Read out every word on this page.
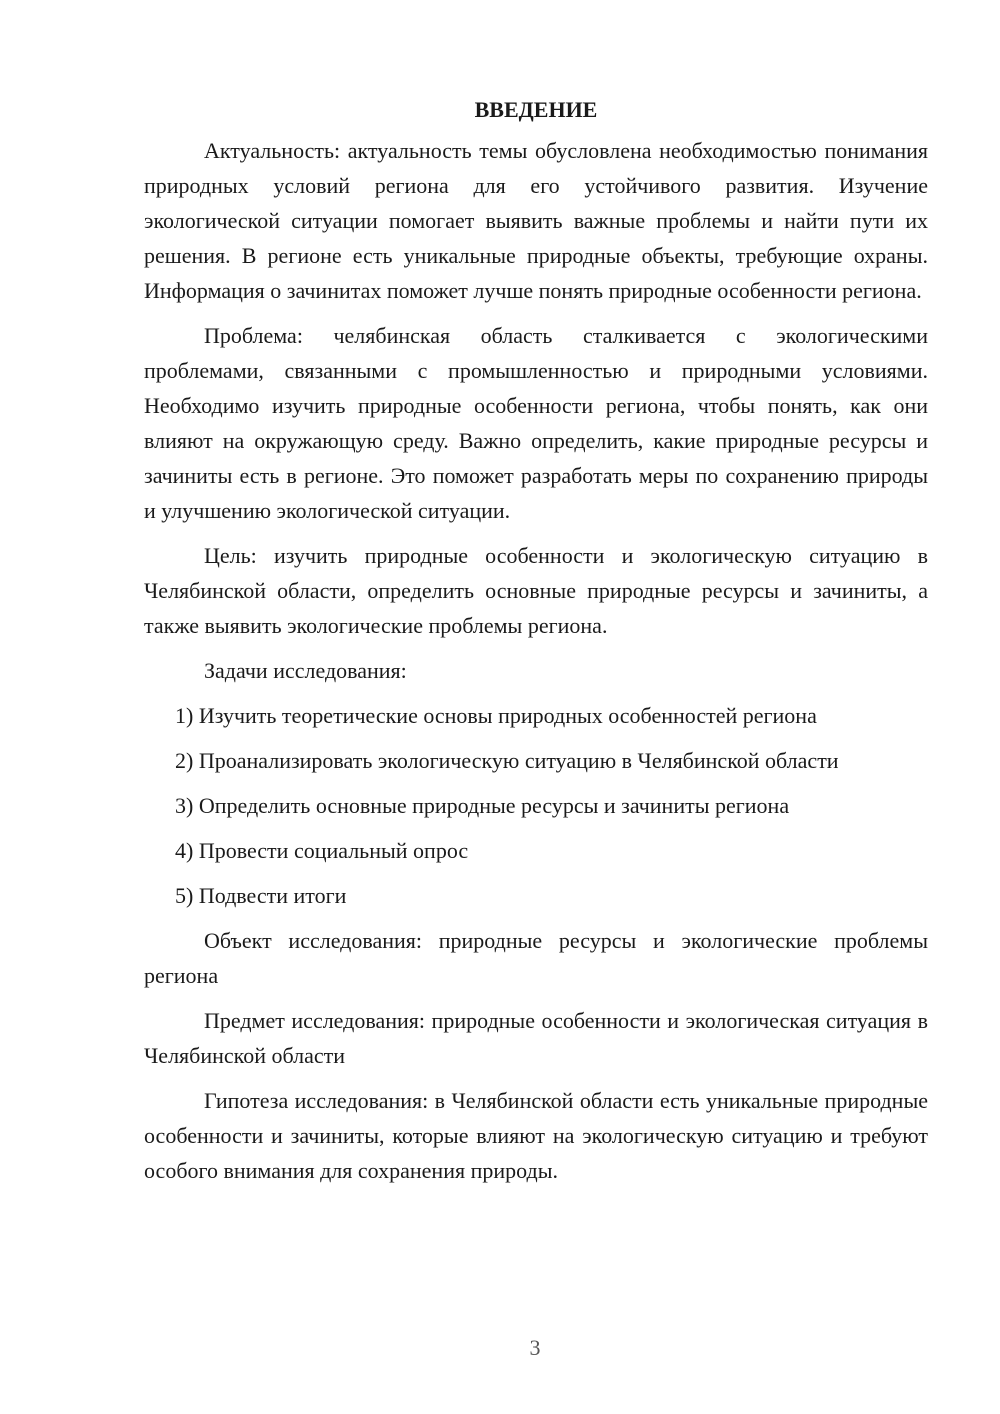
ВВЕДЕНИЕ

Актуальность: актуальность темы обусловлена необходимостью понимания природных условий региона для его устойчивого развития. Изучение экологической ситуации помогает выявить важные проблемы и найти пути их решения. В регионе есть уникальные природные объекты, требующие охраны. Информация о зачинитах поможет лучше понять природные особенности региона.

Проблема: челябинская область сталкивается с экологическими проблемами, связанными с промышленностью и природными условиями. Необходимо изучить природные особенности региона, чтобы понять, как они влияют на окружающую среду. Важно определить, какие природные ресурсы и зачиниты есть в регионе. Это поможет разработать меры по сохранению природы и улучшению экологической ситуации.

Цель: изучить природные особенности и экологическую ситуацию в Челябинской области, определить основные природные ресурсы и зачиниты, а также выявить экологические проблемы региона.

Задачи исследования:

1) Изучить теоретические основы природных особенностей региона

2) Проанализировать экологическую ситуацию в Челябинской области

3) Определить основные природные ресурсы и зачиниты региона

4) Провести социальный опрос

5) Подвести итоги

Объект исследования: природные ресурсы и экологические проблемы региона

Предмет исследования: природные особенности и экологическая ситуация в Челябинской области

Гипотеза исследования: в Челябинской области есть уникальные природные особенности и зачиниты, которые влияют на экологическую ситуацию и требуют особого внимания для сохранения природы.

3
